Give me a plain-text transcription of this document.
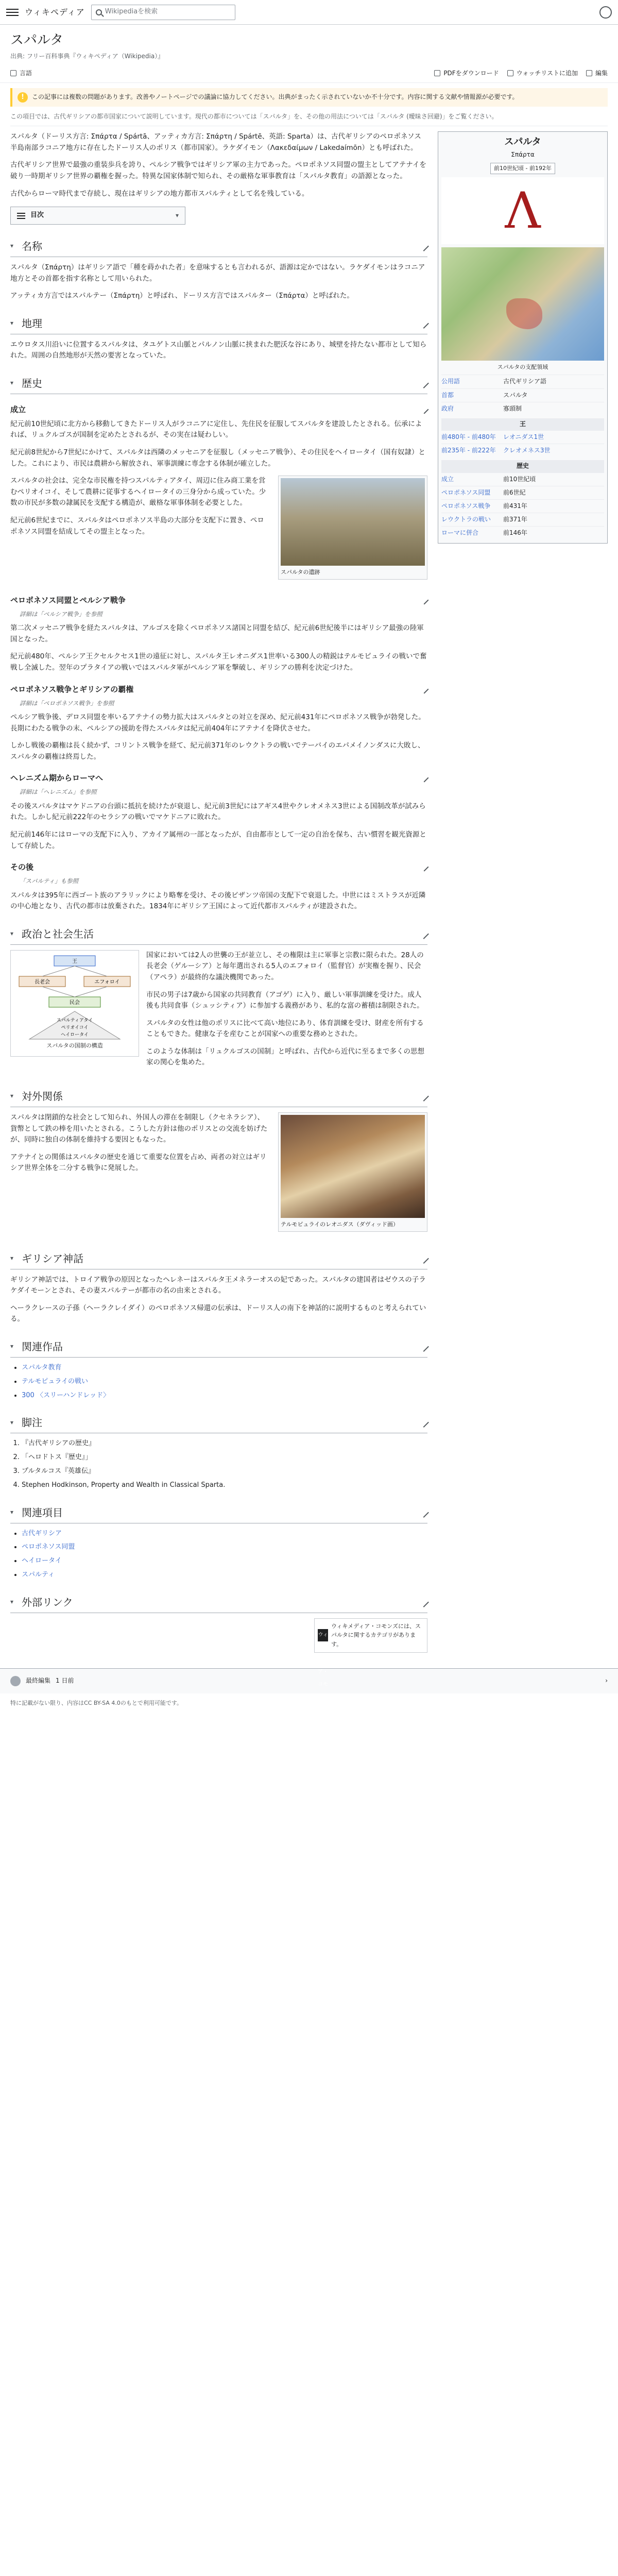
ウィキペディア	Wikipediaを検索
スパルタ
出典: フリー百科事典『ウィキペディア（Wikipedia）』
言語	PDFをダウンロード	ウォッチリストに追加	編集
!	この記事には複数の問題があります。改善やノートページでの議論に協力してください。出典がまったく示されていないか不十分です。内容に関する文献や情報源が必要です。
この項目では、古代ギリシアの都市国家について説明しています。現代の都市については「スパルタ」を、その他の用法については「スパルタ (曖昧さ回避)」をご覧ください。

スパルタ（ドーリス方言: Σπάρτα / Spártā、アッティカ方言: Σπάρτη / Spártē、英語: Sparta）は、古代ギリシアのペロポネソス半島南部ラコニア地方に存在したドーリス人のポリス（都市国家）。ラケダイモン（Λακεδαίμων / Lakedaímōn）とも呼ばれた。

古代ギリシア世界で最強の重装歩兵を誇り、ペルシア戦争ではギリシア軍の主力であった。ペロポネソス同盟の盟主としてアテナイを破り一時期ギリシア世界の覇権を握った。特異な国家体制で知られ、その厳格な軍事教育は「スパルタ教育」の語源となった。

古代からローマ時代まで存続し、現在はギリシアの地方都市スパルティとして名を残している。

目次	▾
▾ 名称

スパルタ（Σπάρτη）はギリシア語で「種を蒔かれた者」を意味するとも言われるが、語源は定かではない。ラケダイモンはラコニア地方とその首都を指す名称として用いられた。

アッティカ方言ではスパルテー（Σπάρτη）と呼ばれ、ドーリス方言ではスパルター（Σπάρτα）と呼ばれた。

▾ 地理

エウロタス川沿いに位置するスパルタは、タユゲトス山脈とパルノン山脈に挟まれた肥沃な谷にあり、城壁を持たない都市として知られた。周囲の自然地形が天然の要害となっていた。

▾ 歴史
成立

紀元前10世紀頃に北方から移動してきたドーリス人がラコニアに定住し、先住民を征服してスパルタを建設したとされる。伝承によれば、リュクルゴスが国制を定めたとされるが、その実在は疑わしい。

紀元前8世紀から7世紀にかけて、スパルタは西隣のメッセニアを征服し（メッセニア戦争）、その住民をヘイロータイ（国有奴隷）とした。これにより、市民は農耕から解放され、軍事訓練に専念する体制が確立した。

スパルタの遺跡

スパルタの社会は、完全な市民権を持つスパルティアタイ、周辺に住み商工業を営むペリオイコイ、そして農耕に従事するヘイロータイの三身分から成っていた。少数の市民が多数の隷属民を支配する構造が、厳格な軍事体制を必要とした。

紀元前6世紀までに、スパルタはペロポネソス半島の大部分を支配下に置き、ペロポネソス同盟を結成してその盟主となった。

ペロポネソス同盟とペルシア戦争
詳細は「ペルシア戦争」を参照

第二次メッセニア戦争を経たスパルタは、アルゴスを除くペロポネソス諸国と同盟を結び、紀元前6世紀後半にはギリシア最強の陸軍国となった。

紀元前480年、ペルシア王クセルクセス1世の遠征に対し、スパルタ王レオニダス1世率いる300人の精鋭はテルモピュライの戦いで奮戦し全滅した。翌年のプラタイアの戦いではスパルタ軍がペルシア軍を撃破し、ギリシアの勝利を決定づけた。

ペロポネソス戦争とギリシアの覇権
詳細は「ペロポネソス戦争」を参照

ペルシア戦争後、デロス同盟を率いるアテナイの勢力拡大はスパルタとの対立を深め、紀元前431年にペロポネソス戦争が勃発した。長期にわたる戦争の末、ペルシアの援助を得たスパルタは紀元前404年にアテナイを降伏させた。

しかし戦後の覇権は長く続かず、コリントス戦争を経て、紀元前371年のレウクトラの戦いでテーバイのエパメイノンダスに大敗し、スパルタの覇権は終焉した。

ヘレニズム期からローマへ
詳細は「ヘレニズム」を参照

その後スパルタはマケドニアの台頭に抵抗を続けたが衰退し、紀元前3世紀にはアギス4世やクレオメネス3世による国制改革が試みられた。しかし紀元前222年のセラシアの戦いでマケドニアに敗れた。

紀元前146年にはローマの支配下に入り、アカイア属州の一部となったが、自由都市として一定の自治を保ち、古い慣習を観光資源として存続した。

その後
「スパルティ」も参照

スパルタは395年に西ゴート族のアラリックにより略奪を受け、その後ビザンツ帝国の支配下で衰退した。中世にはミストラスが近隣の中心地となり、古代の都市は放棄された。1834年にギリシア王国によって近代都市スパルティが建設された。

▾ 政治と社会生活
王
長老会	エフォロイ
民会
スパルティアタイ
ペリオイコイ
ヘイロータイ
スパルタの国制の構造

国家においては2人の世襲の王が並立し、その権限は主に軍事と宗教に限られた。28人の長老会（ゲルーシア）と毎年選出される5人のエフォロイ（監督官）が実権を握り、民会（アペラ）が最終的な議決機関であった。

市民の男子は7歳から国家の共同教育（アゴゲ）に入り、厳しい軍事訓練を受けた。成人後も共同食事（シュッシティア）に参加する義務があり、私的な富の蓄積は制限された。

スパルタの女性は他のポリスに比べて高い地位にあり、体育訓練を受け、財産を所有することもできた。健康な子を産むことが国家への重要な務めとされた。

このような体制は「リュクルゴスの国制」と呼ばれ、古代から近代に至るまで多くの思想家の関心を集めた。

▾ 対外関係
テルモピュライのレオニダス（ダヴィッド画）

スパルタは閉鎖的な社会として知られ、外国人の滞在を制限し（クセネラシア）、貨幣として鉄の棒を用いたとされる。こうした方針は他のポリスとの交流を妨げたが、同時に独自の体制を維持する要因ともなった。

アテナイとの関係はスパルタの歴史を通じて重要な位置を占め、両者の対立はギリシア世界全体を二分する戦争に発展した。

▾ ギリシア神話

ギリシア神話では、トロイア戦争の原因となったヘレネーはスパルタ王メネラーオスの妃であった。スパルタの建国者はゼウスの子ラケダイモーンとされ、その妻スパルテーが都市の名の由来とされる。

ヘーラクレースの子孫（ヘーラクレイダイ）のペロポネソス帰還の伝承は、ドーリス人の南下を神話的に説明するものと考えられている。

▾ 関連作品
• スパルタ教育
• テルモピュライの戦い
• 300 〈スリーハンドレッド〉
▾ 脚注
1. 『古代ギリシアの歴史』
2. 「ヘロドトス『歴史』」
3. プルタルコス『英雄伝』
4. Stephen Hodkinson, Property and Wealth in Classical Sparta.
▾ 関連項目
• 古代ギリシア
• ペロポネソス同盟
• ヘイロータイ
• スパルティ
▾ 外部リンク
ウィキメディア・コモンズ
ウィキメディア・コモンズには、スパルタに関するカテゴリがあります。
スパルタ
Σπάρτα
前10世紀頃 - 前192年
Λ
スパルタの支配領域
公用語	古代ギリシア語
首都	スパルタ
政府	寡頭制
王
前480年 - 前480年	レオニダス1世
前235年 - 前222年	クレオメネス3世
歴史
成立	前10世紀頃
ペロポネソス同盟	前6世紀
ペロポネソス戦争	前431年
レウクトラの戦い	前371年
ローマに併合	前146年
最終編集 1 日前	›
特に記載がない限り、内容はCC BY-SA 4.0のもとで利用可能です。
